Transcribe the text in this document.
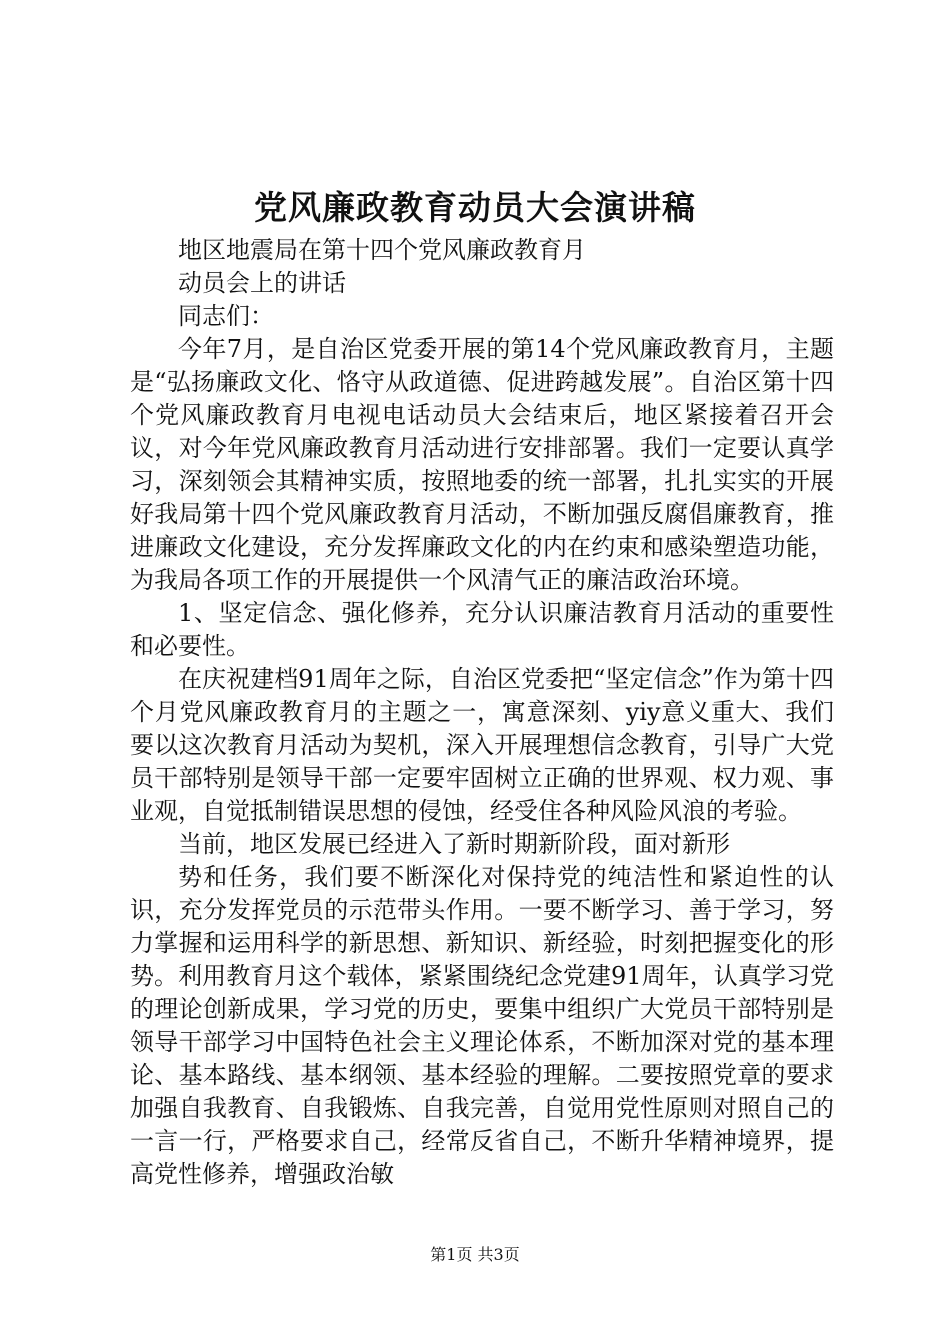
党风廉政教育动员大会演讲稿

地区地震局在第十四个党风廉政教育月

动员会上的讲话

同志们：

今年7月，是自治区党委开展的第14个党风廉政教育月，主题是“弘扬廉政文化、恪守从政道德、促进跨越发展”。自治区第十四个党风廉政教育月电视电话动员大会结束后，地区紧接着召开会议，对今年党风廉政教育月活动进行安排部署。我们一定要认真学习，深刻领会其精神实质，按照地委的统一部署，扎扎实实的开展好我局第十四个党风廉政教育月活动，不断加强反腐倡廉教育，推进廉政文化建设，充分发挥廉政文化的内在约束和感染塑造功能，为我局各项工作的开展提供一个风清气正的廉洁政治环境。

1、坚定信念、强化修养，充分认识廉洁教育月活动的重要性和必要性。

在庆祝建档91周年之际，自治区党委把“坚定信念”作为第十四个月党风廉政教育月的主题之一，寓意深刻、yiy意义重大、我们要以这次教育月活动为契机，深入开展理想信念教育，引导广大党员干部特别是领导干部一定要牢固树立正确的世界观、权力观、事业观，自觉抵制错误思想的侵蚀，经受住各种风险风浪的考验。

当前，地区发展已经进入了新时期新阶段，面对新形

势和任务，我们要不断深化对保持党的纯洁性和紧迫性的认识，充分发挥党员的示范带头作用。一要不断学习、善于学习，努力掌握和运用科学的新思想、新知识、新经验，时刻把握变化的形势。利用教育月这个载体，紧紧围绕纪念党建91周年，认真学习党的理论创新成果，学习党的历史，要集中组织广大党员干部特别是领导干部学习中国特色社会主义理论体系，不断加深对党的基本理论、基本路线、基本纲领、基本经验的理解。二要按照党章的要求加强自我教育、自我锻炼、自我完善，自觉用党性原则对照自己的一言一行，严格要求自己，经常反省自己，不断升华精神境界，提高党性修养，增强政治敏

第1页 共3页
